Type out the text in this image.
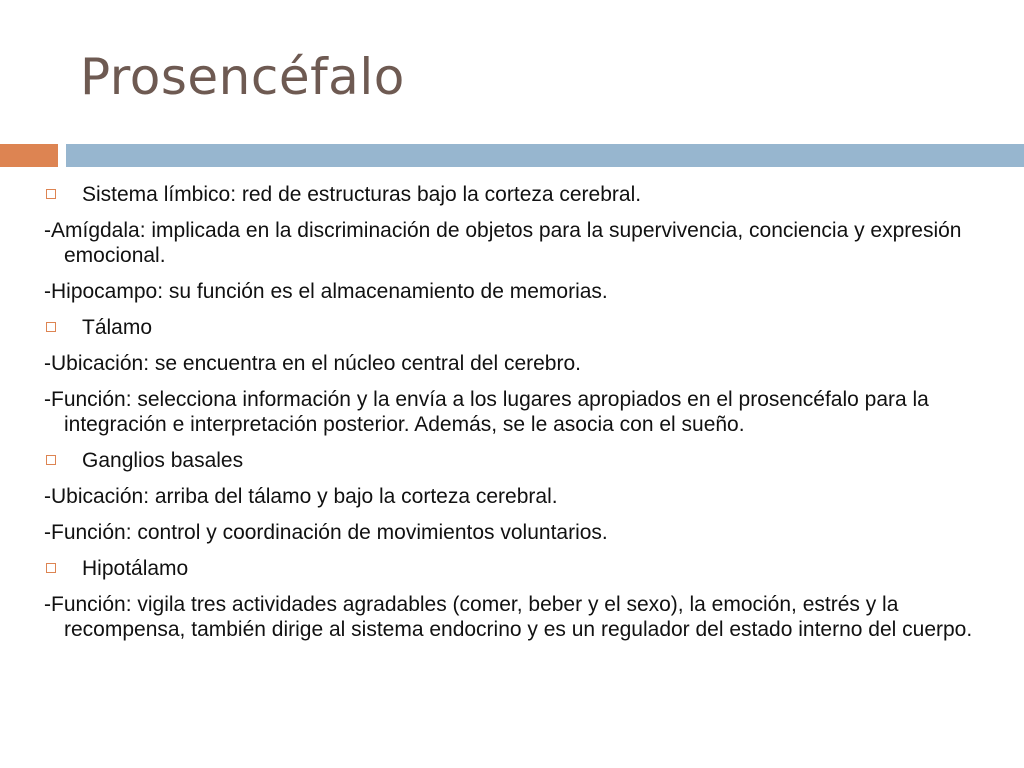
Prosencéfalo
Sistema límbico: red de estructuras bajo la corteza cerebral.
-Amígdala: implicada en la discriminación de objetos para la supervivencia, conciencia y expresión emocional.
-Hipocampo: su función es el almacenamiento de memorias.
Tálamo
-Ubicación: se encuentra en el núcleo central del cerebro.
-Función: selecciona información y la envía a los lugares apropiados en el prosencéfalo para la integración e interpretación posterior. Además, se le asocia con el sueño.
Ganglios basales
-Ubicación: arriba del tálamo y bajo la corteza cerebral.
-Función: control y coordinación de movimientos voluntarios.
Hipotálamo
-Función: vigila tres actividades agradables (comer, beber y el sexo), la emoción, estrés y la recompensa, también dirige al sistema endocrino y es un regulador del estado interno del cuerpo.
